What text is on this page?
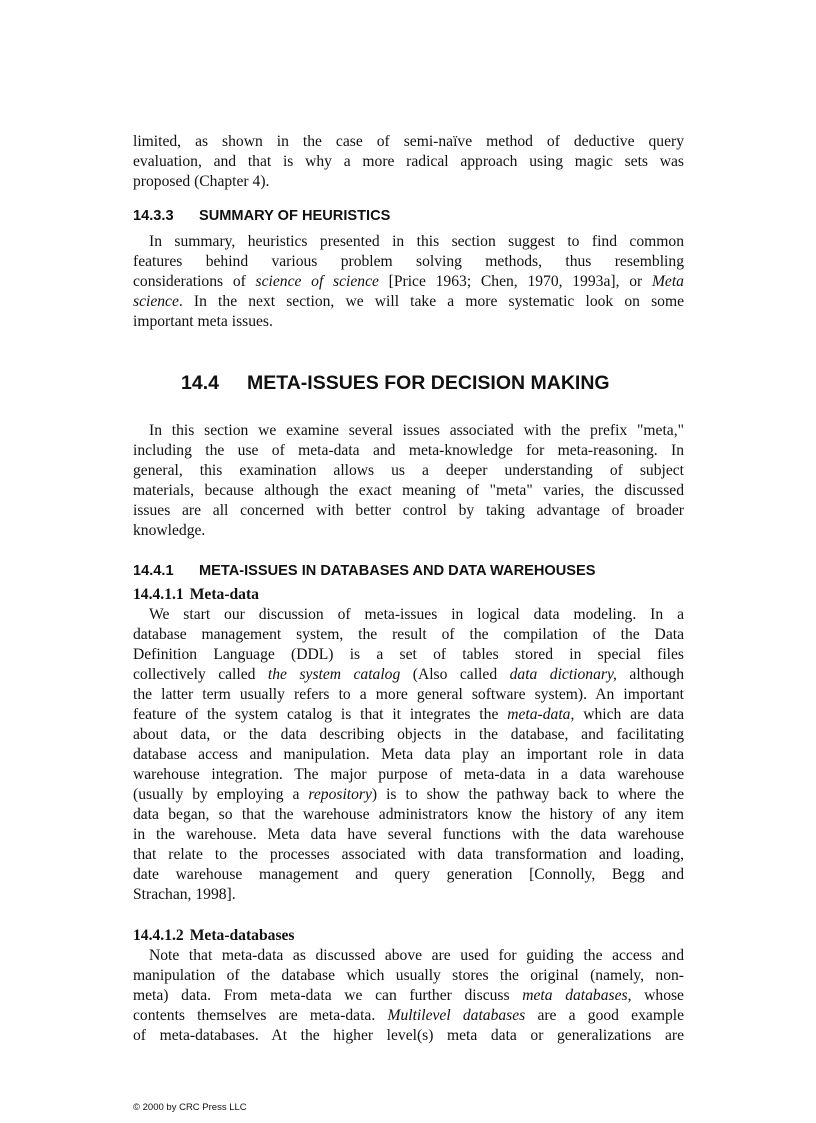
limited, as shown in the case of semi-naïve method of deductive query
evaluation, and that is why a more radical approach using magic sets was
proposed (Chapter 4).
14.3.3 SUMMARY OF HEURISTICS
In summary, heuristics presented in this section suggest to find common
features behind various problem solving methods, thus resembling
considerations of science of science [Price 1963; Chen, 1970, 1993a], or Meta
science. In the next section, we will take a more systematic look on some
important meta issues.
14.4 META-ISSUES FOR DECISION MAKING
In this section we examine several issues associated with the prefix "meta,"
including the use of meta-data and meta-knowledge for meta-reasoning. In
general, this examination allows us a deeper understanding of subject
materials, because although the exact meaning of "meta" varies, the discussed
issues are all concerned with better control by taking advantage of broader
knowledge.
14.4.1 META-ISSUES IN DATABASES AND DATA WAREHOUSES
14.4.1.1 Meta-data
We start our discussion of meta-issues in logical data modeling. In a
database management system, the result of the compilation of the Data
Definition Language (DDL) is a set of tables stored in special files
collectively called the system catalog (Also called data dictionary, although
the latter term usually refers to a more general software system). An important
feature of the system catalog is that it integrates the meta-data, which are data
about data, or the data describing objects in the database, and facilitating
database access and manipulation. Meta data play an important role in data
warehouse integration. The major purpose of meta-data in a data warehouse
(usually by employing a repository) is to show the pathway back to where the
data began, so that the warehouse administrators know the history of any item
in the warehouse. Meta data have several functions with the data warehouse
that relate to the processes associated with data transformation and loading,
date warehouse management and query generation [Connolly, Begg and
Strachan, 1998].
14.4.1.2 Meta-databases
Note that meta-data as discussed above are used for guiding the access and
manipulation of the database which usually stores the original (namely, non-
meta) data. From meta-data we can further discuss meta databases, whose
contents themselves are meta-data. Multilevel databases are a good example
of meta-databases. At the higher level(s) meta data or generalizations are
© 2000 by CRC Press LLC
